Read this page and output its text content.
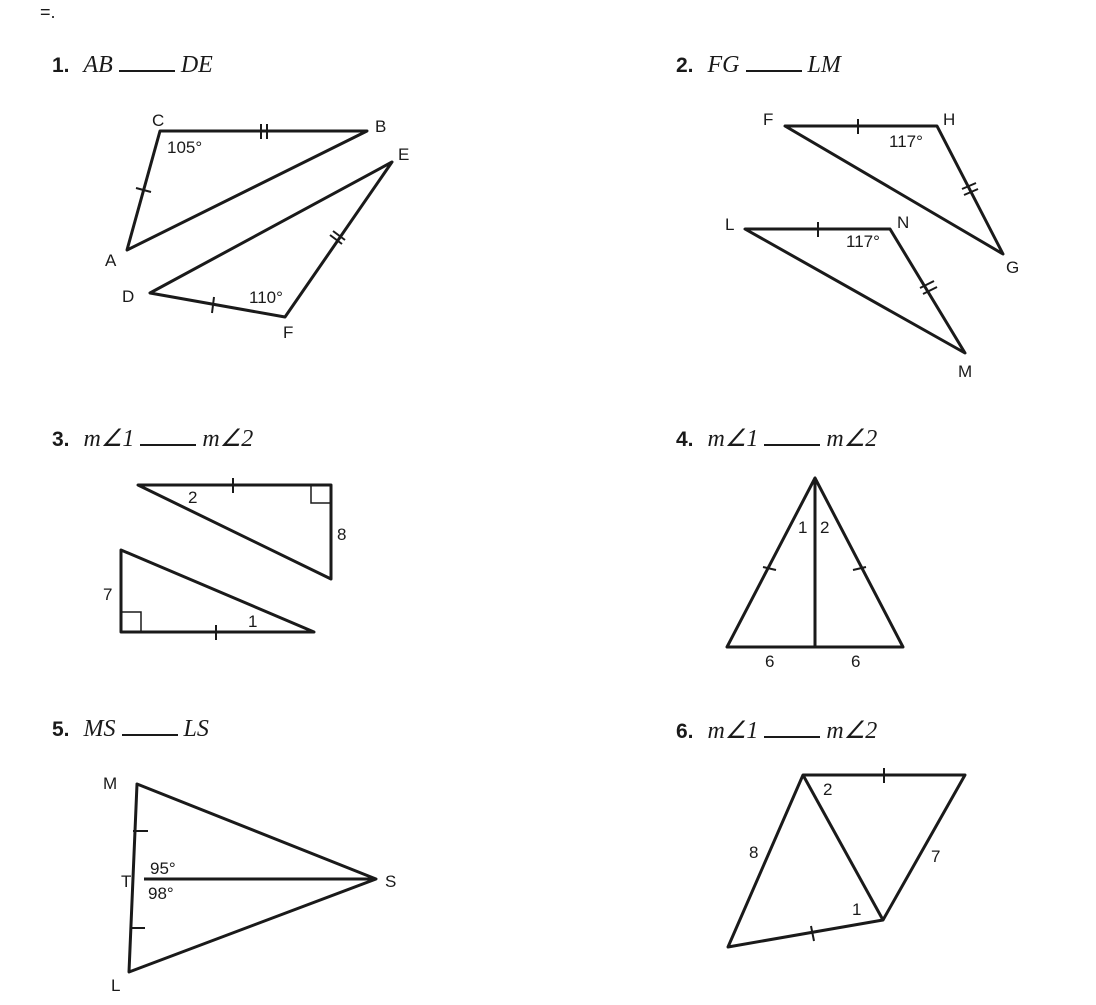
=.
1. AB	DE	2. FG	LM
3. m∠1	m∠2	4. m∠1	m∠2
5. MS	LS	6. m∠1	m∠2
C	B
A
E
D
F
105°
110°
F	H
G
L	N
M
117°
117°
2
8
7
1
1 2
6	6
M
T	S
L
95°
98°
2
8	7
1
